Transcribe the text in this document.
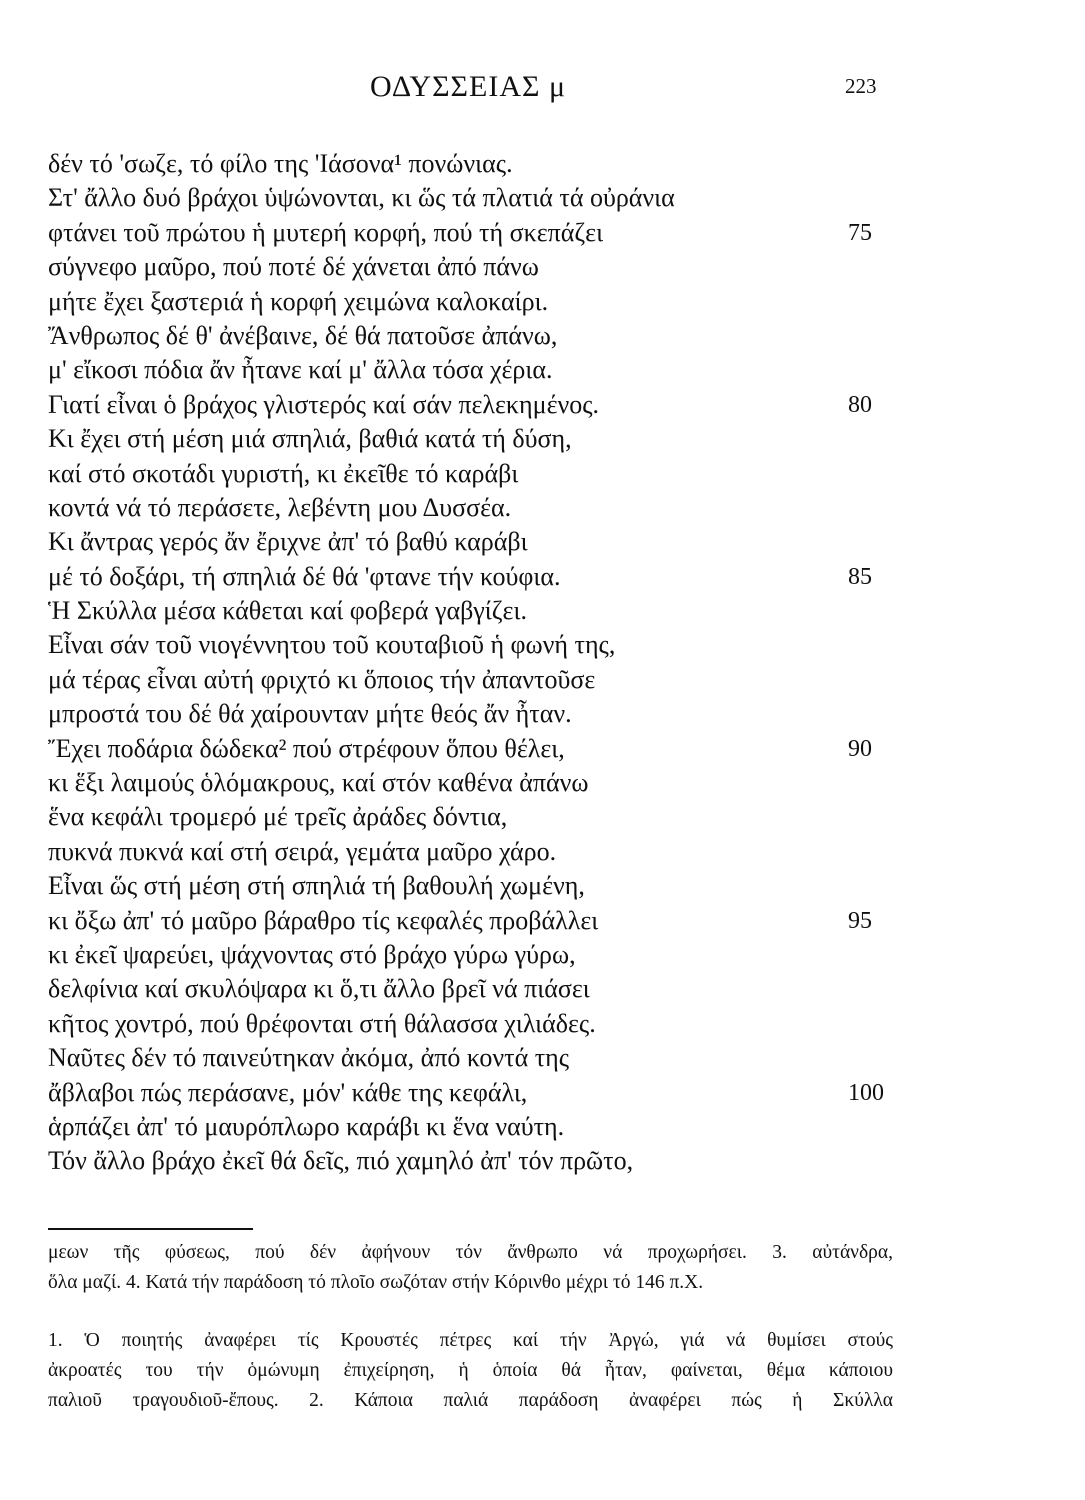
ΟΔΥΣΣΕΙΑΣ μ	223
δέν τό 'σωζε, τό φίλο της 'Ιάσονα¹ πονώνιας.
Στ' ἄλλο δυό βράχοι ὑψώνονται, κι ὥς τά πλατιά τά οὐράνια
φτάνει τοῦ πρώτου ἡ μυτερή κορφή, πού τή σκεπάζει	75
σύγνεφο μαῦρο, πού ποτέ δέ χάνεται ἀπό πάνω
μήτε ἔχει ξαστεριά ἡ κορφή χειμώνα καλοκαίρι.
Ἄνθρωπος δέ θ' ἀνέβαινε, δέ θά πατοῦσε ἀπάνω,
μ' εἴκοσι πόδια ἄν ἦτανε καί μ' ἄλλα τόσα χέρια.
Γιατί εἶναι ὁ βράχος γλιστερός καί σάν πελεκημένος.	80
Κι ἔχει στή μέση μιά σπηλιά, βαθιά κατά τή δύση,
καί στό σκοτάδι γυριστή, κι ἐκεῖθε τό καράβι
κοντά νά τό περάσετε, λεβέντη μου Δυσσέα.
Κι ἄντρας γερός ἄν ἔριχνε ἀπ' τό βαθύ καράβι
μέ τό δοξάρι, τή σπηλιά δέ θά 'φτανε τήν κούφια.	85
Ἡ Σκύλλα μέσα κάθεται καί φοβερά γαβγίζει.
Εἶναι σάν τοῦ νιογέννητου τοῦ κουταβιοῦ ἡ φωνή της,
μά τέρας εἶναι αὐτή φριχτό κι ὅποιος τήν ἀπαντοῦσε
μπροστά του δέ θά χαίρουνταν μήτε θεός ἄν ἦταν.
Ἔχει ποδάρια δώδεκα² πού στρέφουν ὅπου θέλει,	90
κι ἕξι λαιμούς ὁλόμακρους, καί στόν καθένα ἀπάνω
ἕνα κεφάλι τρομερό μέ τρεῖς ἀράδες δόντια,
πυκνά πυκνά καί στή σειρά, γεμάτα μαῦρο χάρο.
Εἶναι ὥς στή μέση στή σπηλιά τή βαθουλή χωμένη,
κι ὄξω ἀπ' τό μαῦρο βάραθρο τίς κεφαλές προβάλλει	95
κι ἐκεῖ ψαρεύει, ψάχνοντας στό βράχο γύρω γύρω,
δελφίνια καί σκυλόψαρα κι ὅ,τι ἄλλο βρεῖ νά πιάσει
κῆτος χοντρό, πού θρέφονται στή θάλασσα χιλιάδες.
Ναῦτες δέν τό παινεύτηκαν ἀκόμα, ἀπό κοντά της
ἄβλαβοι πώς περάσανε, μόν' κάθε της κεφάλι,	100
ἁρπάζει ἀπ' τό μαυρόπλωρο καράβι κι ἕνα ναύτη.
Τόν ἄλλο βράχο ἐκεῖ θά δεῖς, πιό χαμηλό ἀπ' τόν πρῶτο,
μεων τῆς φύσεως, πού δέν ἀφήνουν τόν ἄνθρωπο νά προχωρήσει. 3. αὐτάνδρα,
ὅλα μαζί. 4. Κατά τήν παράδοση τό πλοῖο σωζόταν στήν Κόρινθο μέχρι τό 146 π.Χ.
1. Ὁ ποιητής ἀναφέρει τίς Κρουστές πέτρες καί τήν Ἀργώ, γιά νά θυμίσει στούς
ἀκροατές του τήν ὁμώνυμη ἐπιχείρηση, ἡ ὁποία θά ἦταν, φαίνεται, θέμα κάποιου
παλιοῦ τραγουδιοῦ-ἔπους. 2. Κάποια παλιά παράδοση ἀναφέρει πώς ἡ Σκύλλα
